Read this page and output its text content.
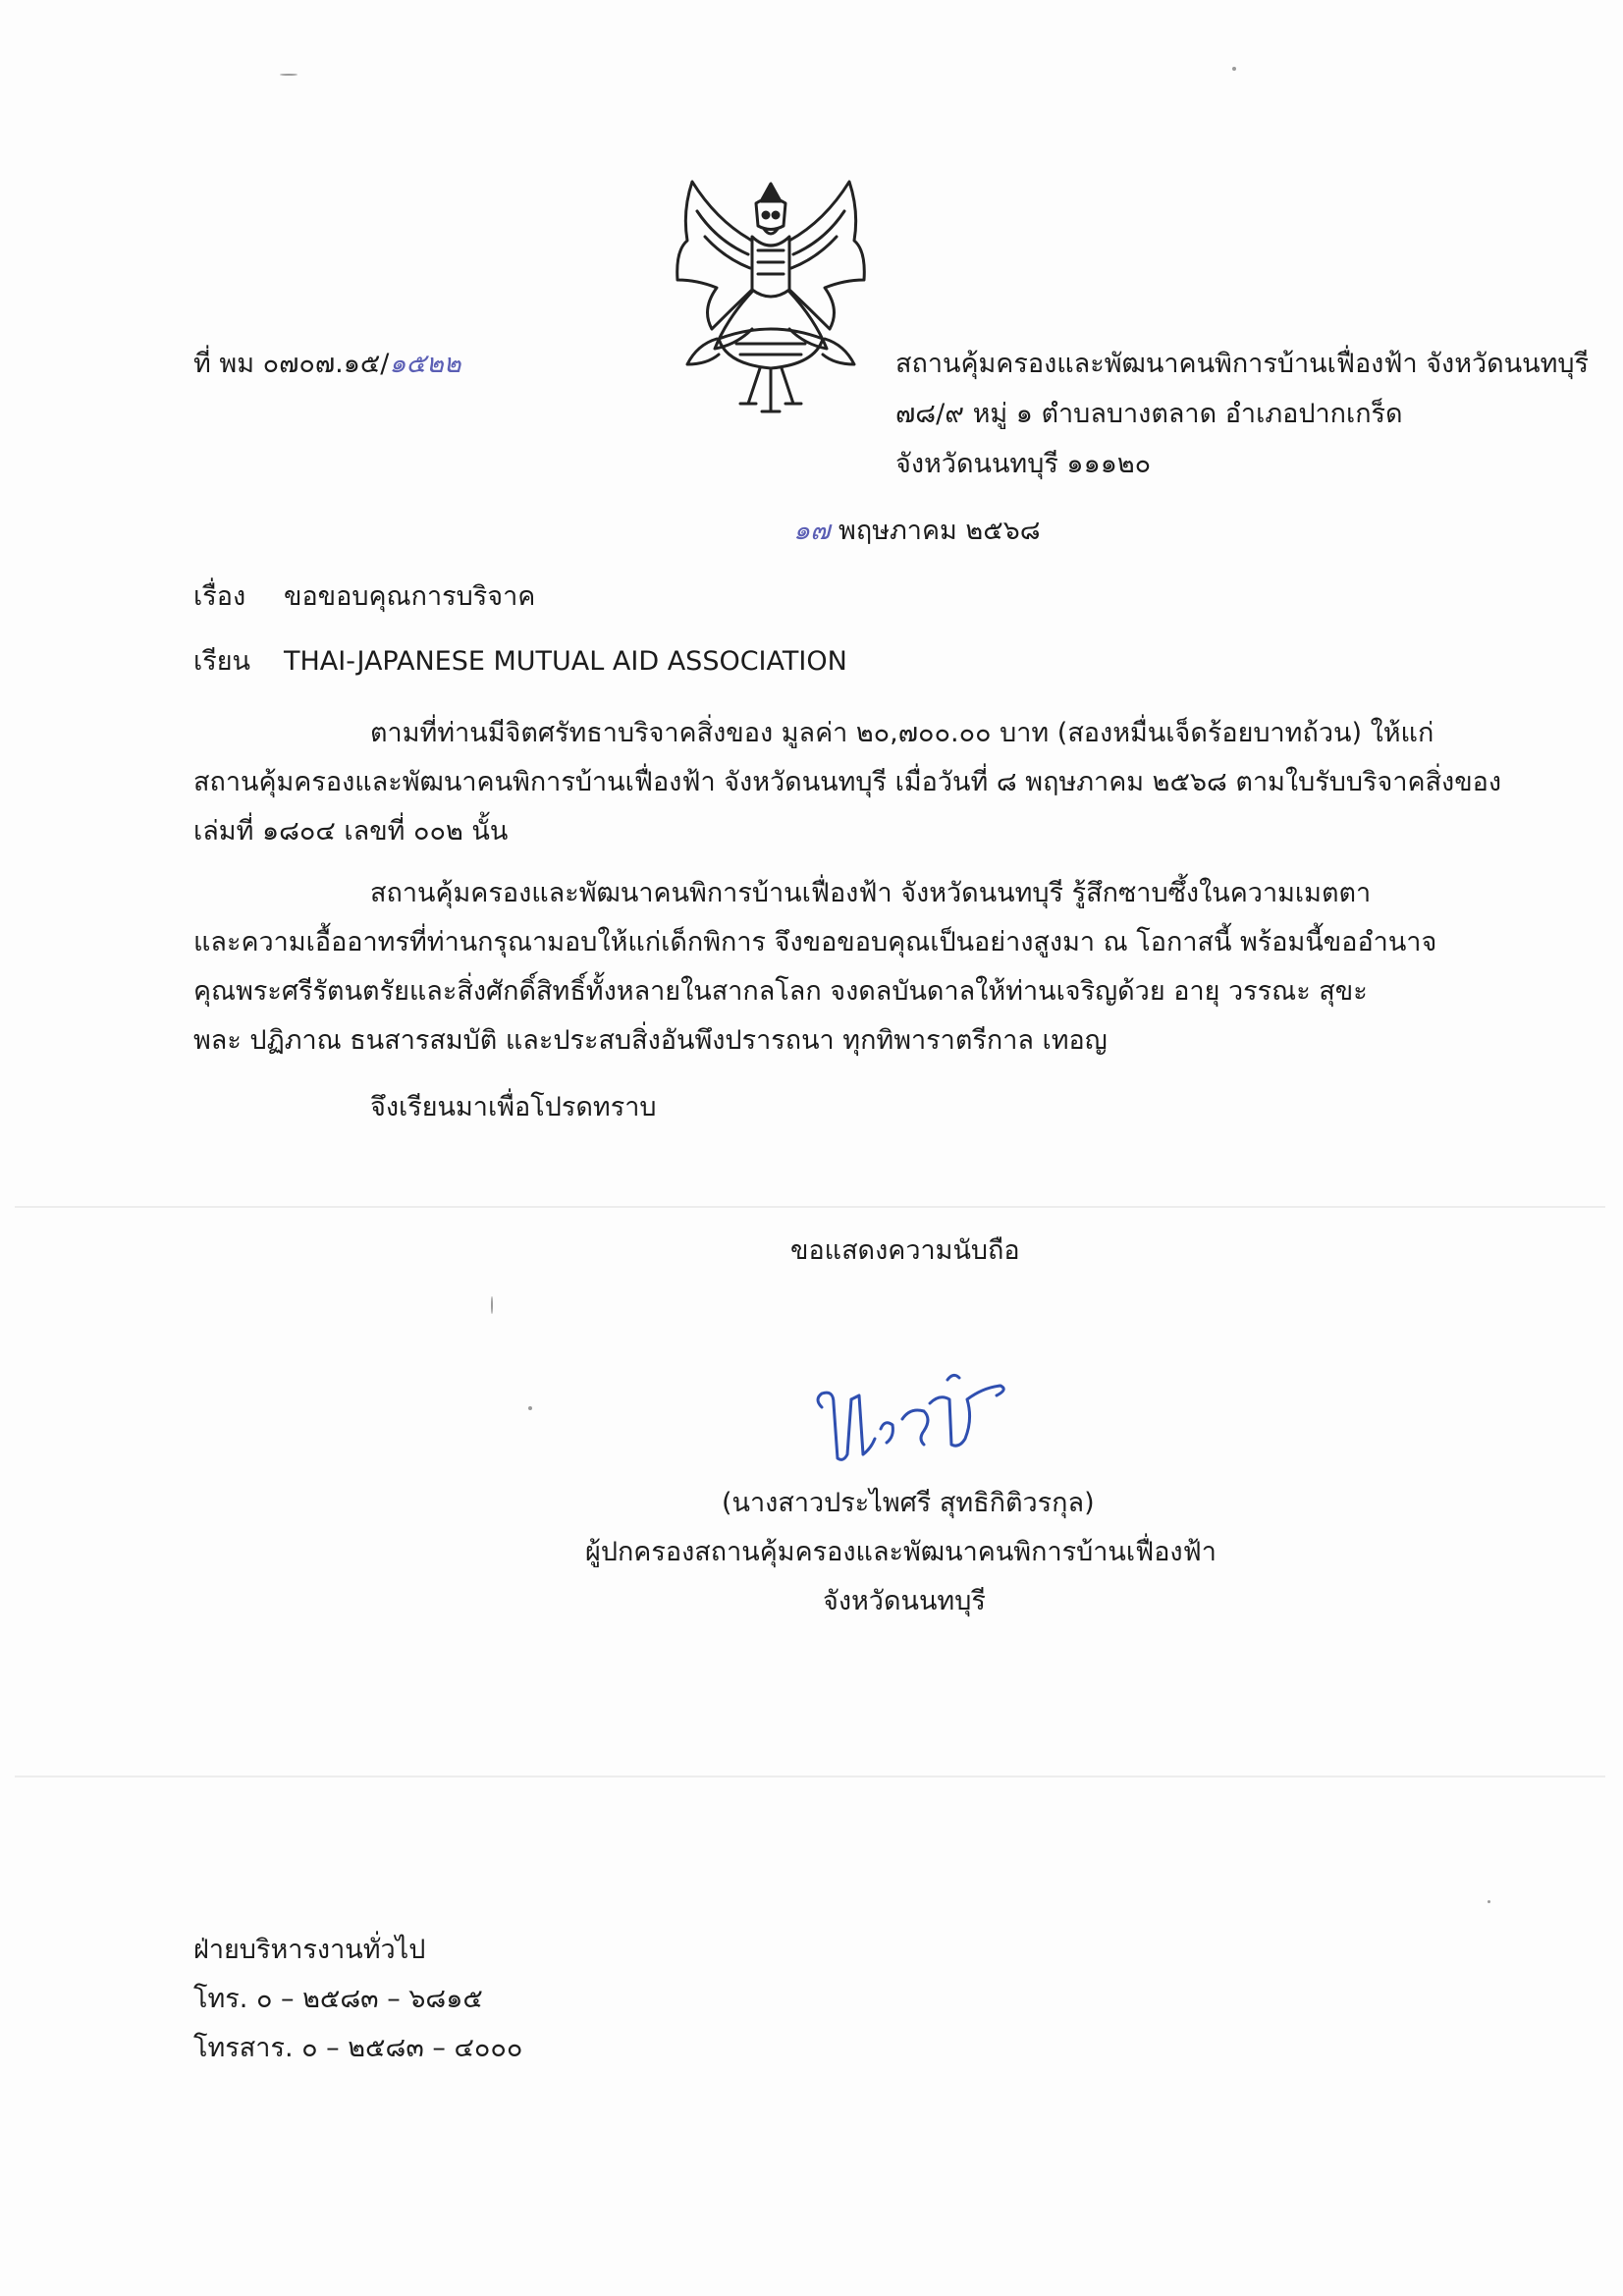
ที่ พม ๐๗๐๗.๑๕/๑๕๒๒	สถานคุ้มครองและพัฒนาคนพิการบ้านเฟื่องฟ้า จังหวัดนนทบุรี
๗๘/๙ หมู่ ๑ ตำบลบางตลาด อำเภอปากเกร็ด
จังหวัดนนทบุรี ๑๑๑๒๐
๑๗ พฤษภาคม ๒๕๖๘
เรื่อง ขอขอบคุณการบริจาค
เรียน THAI-JAPANESE MUTUAL AID ASSOCIATION
ตามที่ท่านมีจิตศรัทธาบริจาคสิ่งของ มูลค่า ๒๐,๗๐๐.๐๐ บาท (สองหมื่นเจ็ดร้อยบาทถ้วน) ให้แก่
สถานคุ้มครองและพัฒนาคนพิการบ้านเฟื่องฟ้า จังหวัดนนทบุรี เมื่อวันที่ ๘ พฤษภาคม ๒๕๖๘ ตามใบรับบริจาคสิ่งของ
เล่มที่ ๑๘๐๔ เลขที่ ๐๐๒ นั้น
สถานคุ้มครองและพัฒนาคนพิการบ้านเฟื่องฟ้า จังหวัดนนทบุรี รู้สึกซาบซึ้งในความเมตตา
และความเอื้ออาทรที่ท่านกรุณามอบให้แก่เด็กพิการ จึงขอขอบคุณเป็นอย่างสูงมา ณ โอกาสนี้ พร้อมนี้ขออำนาจ
คุณพระศรีรัตนตรัยและสิ่งศักดิ์สิทธิ์ทั้งหลายในสากลโลก จงดลบันดาลให้ท่านเจริญด้วย อายุ วรรณะ สุขะ
พละ ปฏิภาณ ธนสารสมบัติ และประสบสิ่งอันพึงปรารถนา ทุกทิพาราตรีกาล เทอญ
จึงเรียนมาเพื่อโปรดทราบ
ขอแสดงความนับถือ
(นางสาวประไพศรี สุทธิกิติวรกุล)
ผู้ปกครองสถานคุ้มครองและพัฒนาคนพิการบ้านเฟื่องฟ้า
จังหวัดนนทบุรี
ฝ่ายบริหารงานทั่วไป
โทร. ๐ – ๒๕๘๓ – ๖๘๑๕
โทรสาร. ๐ – ๒๕๘๓ – ๔๐๐๐
